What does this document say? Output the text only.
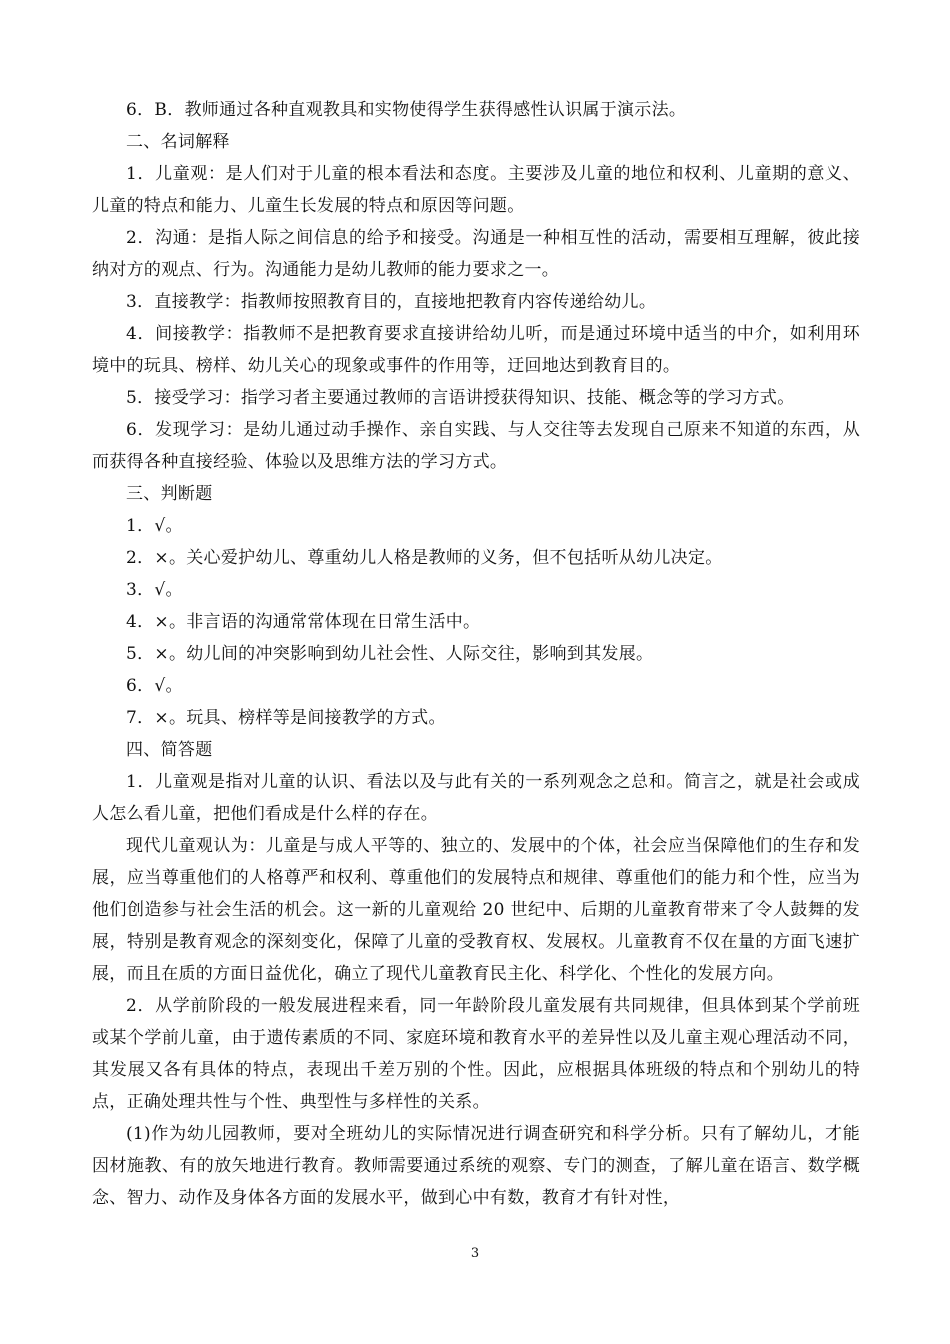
6．B．教师通过各种直观教具和实物使得学生获得感性认识属于演示法。

二、名词解释

1．儿童观：是人们对于儿童的根本看法和态度。主要涉及儿童的地位和权利、儿童期的意义、儿童的特点和能力、儿童生长发展的特点和原因等问题。

2．沟通：是指人际之间信息的给予和接受。沟通是一种相互性的活动，需要相互理解，彼此接纳对方的观点、行为。沟通能力是幼儿教师的能力要求之一。

3．直接教学：指教师按照教育目的，直接地把教育内容传递给幼儿。

4．间接教学：指教师不是把教育要求直接讲给幼儿听，而是通过环境中适当的中介，如利用环境中的玩具、榜样、幼儿关心的现象或事件的作用等，迂回地达到教育目的。

5．接受学习：指学习者主要通过教师的言语讲授获得知识、技能、概念等的学习方式。

6．发现学习：是幼儿通过动手操作、亲自实践、与人交往等去发现自己原来不知道的东西，从而获得各种直接经验、体验以及思维方法的学习方式。

三、判断题

1．√。

2．×。关心爱护幼儿、尊重幼儿人格是教师的义务，但不包括听从幼儿决定。

3．√。

4．×。非言语的沟通常常体现在日常生活中。

5．×。幼儿间的冲突影响到幼儿社会性、人际交往，影响到其发展。

6．√。

7．×。玩具、榜样等是间接教学的方式。

四、简答题

1．儿童观是指对儿童的认识、看法以及与此有关的一系列观念之总和。简言之，就是社会或成人怎么看儿童，把他们看成是什么样的存在。

现代儿童观认为：儿童是与成人平等的、独立的、发展中的个体，社会应当保障他们的生存和发展，应当尊重他们的人格尊严和权利、尊重他们的发展特点和规律、尊重他们的能力和个性，应当为他们创造参与社会生活的机会。这一新的儿童观给 20 世纪中、后期的儿童教育带来了令人鼓舞的发展，特别是教育观念的深刻变化，保障了儿童的受教育权、发展权。儿童教育不仅在量的方面飞速扩展，而且在质的方面日益优化，确立了现代儿童教育民主化、科学化、个性化的发展方向。

2．从学前阶段的一般发展进程来看，同一年龄阶段儿童发展有共同规律，但具体到某个学前班或某个学前儿童，由于遗传素质的不同、家庭环境和教育水平的差异性以及儿童主观心理活动不同，其发展又各有具体的特点，表现出千差万别的个性。因此，应根据具体班级的特点和个别幼儿的特点，正确处理共性与个性、典型性与多样性的关系。

(1)作为幼儿园教师，要对全班幼儿的实际情况进行调查研究和科学分析。只有了解幼儿，才能因材施教、有的放矢地进行教育。教师需要通过系统的观察、专门的测查，了解儿童在语言、数学概念、智力、动作及身体各方面的发展水平，做到心中有数，教育才有针对性，

3
